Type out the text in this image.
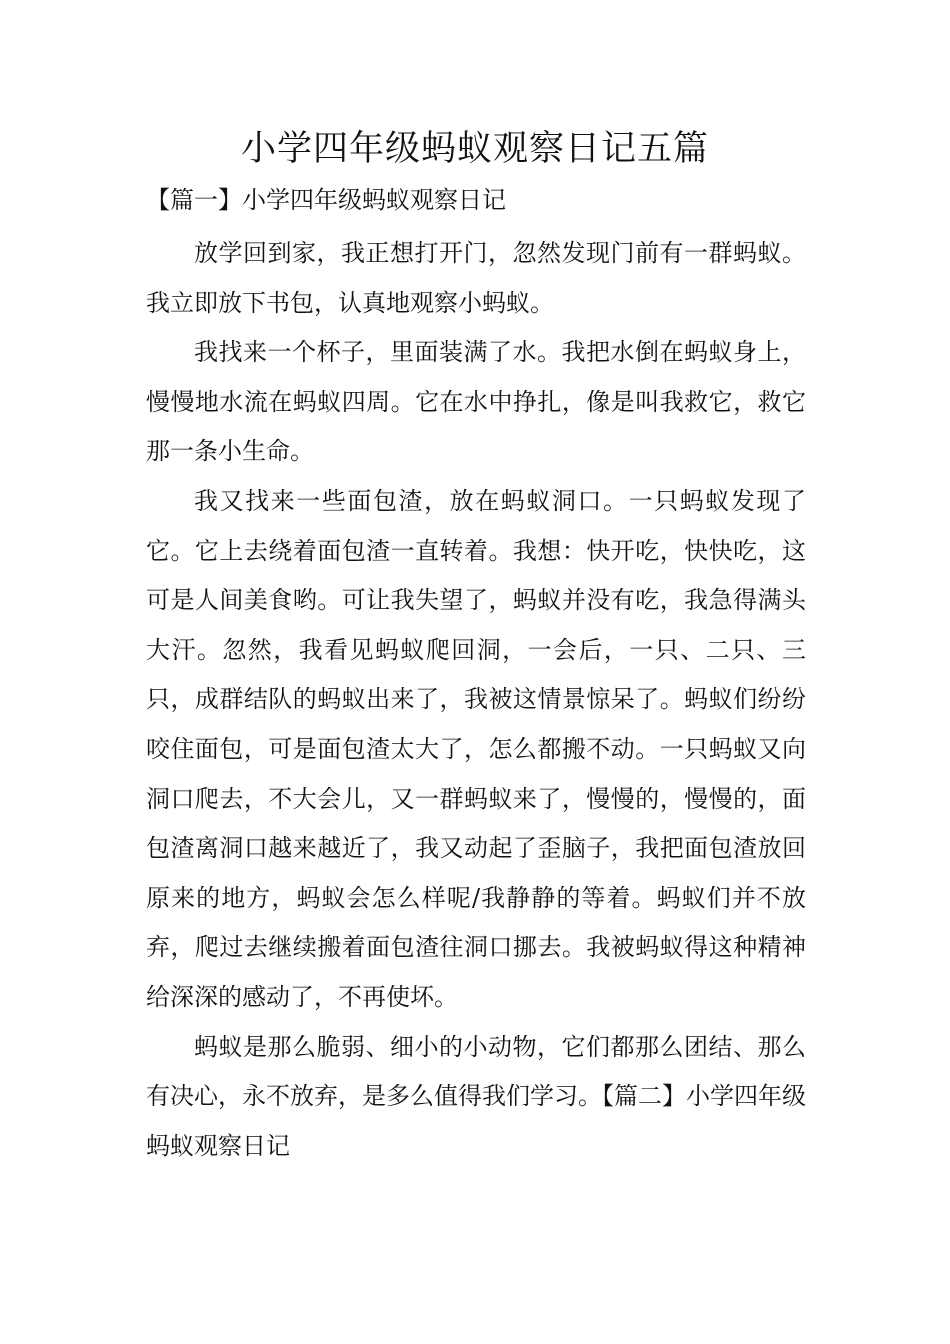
小学四年级蚂蚁观察日记五篇
【篇一】小学四年级蚂蚁观察日记

放学回到家，我正想打开门，忽然发现门前有一群蚂蚁。我立即放下书包，认真地观察小蚂蚁。

我找来一个杯子，里面装满了水。我把水倒在蚂蚁身上，慢慢地水流在蚂蚁四周。它在水中挣扎，像是叫我救它，救它那一条小生命。

我又找来一些面包渣，放在蚂蚁洞口。一只蚂蚁发现了它。它上去绕着面包渣一直转着。我想：快开吃，快快吃，这可是人间美食哟。可让我失望了，蚂蚁并没有吃，我急得满头大汗。忽然，我看见蚂蚁爬回洞，一会后，一只、二只、三只，成群结队的蚂蚁出来了，我被这情景惊呆了。蚂蚁们纷纷咬住面包，可是面包渣太大了，怎么都搬不动。一只蚂蚁又向洞口爬去，不大会儿，又一群蚂蚁来了，慢慢的，慢慢的，面包渣离洞口越来越近了，我又动起了歪脑子，我把面包渣放回原来的地方，蚂蚁会怎么样呢/我静静的等着。蚂蚁们并不放弃，爬过去继续搬着面包渣往洞口挪去。我被蚂蚁得这种精神给深深的感动了，不再使坏。

蚂蚁是那么脆弱、细小的小动物，它们都那么团结、那么有决心，永不放弃，是多么值得我们学习。【篇二】小学四年级蚂蚁观察日记
